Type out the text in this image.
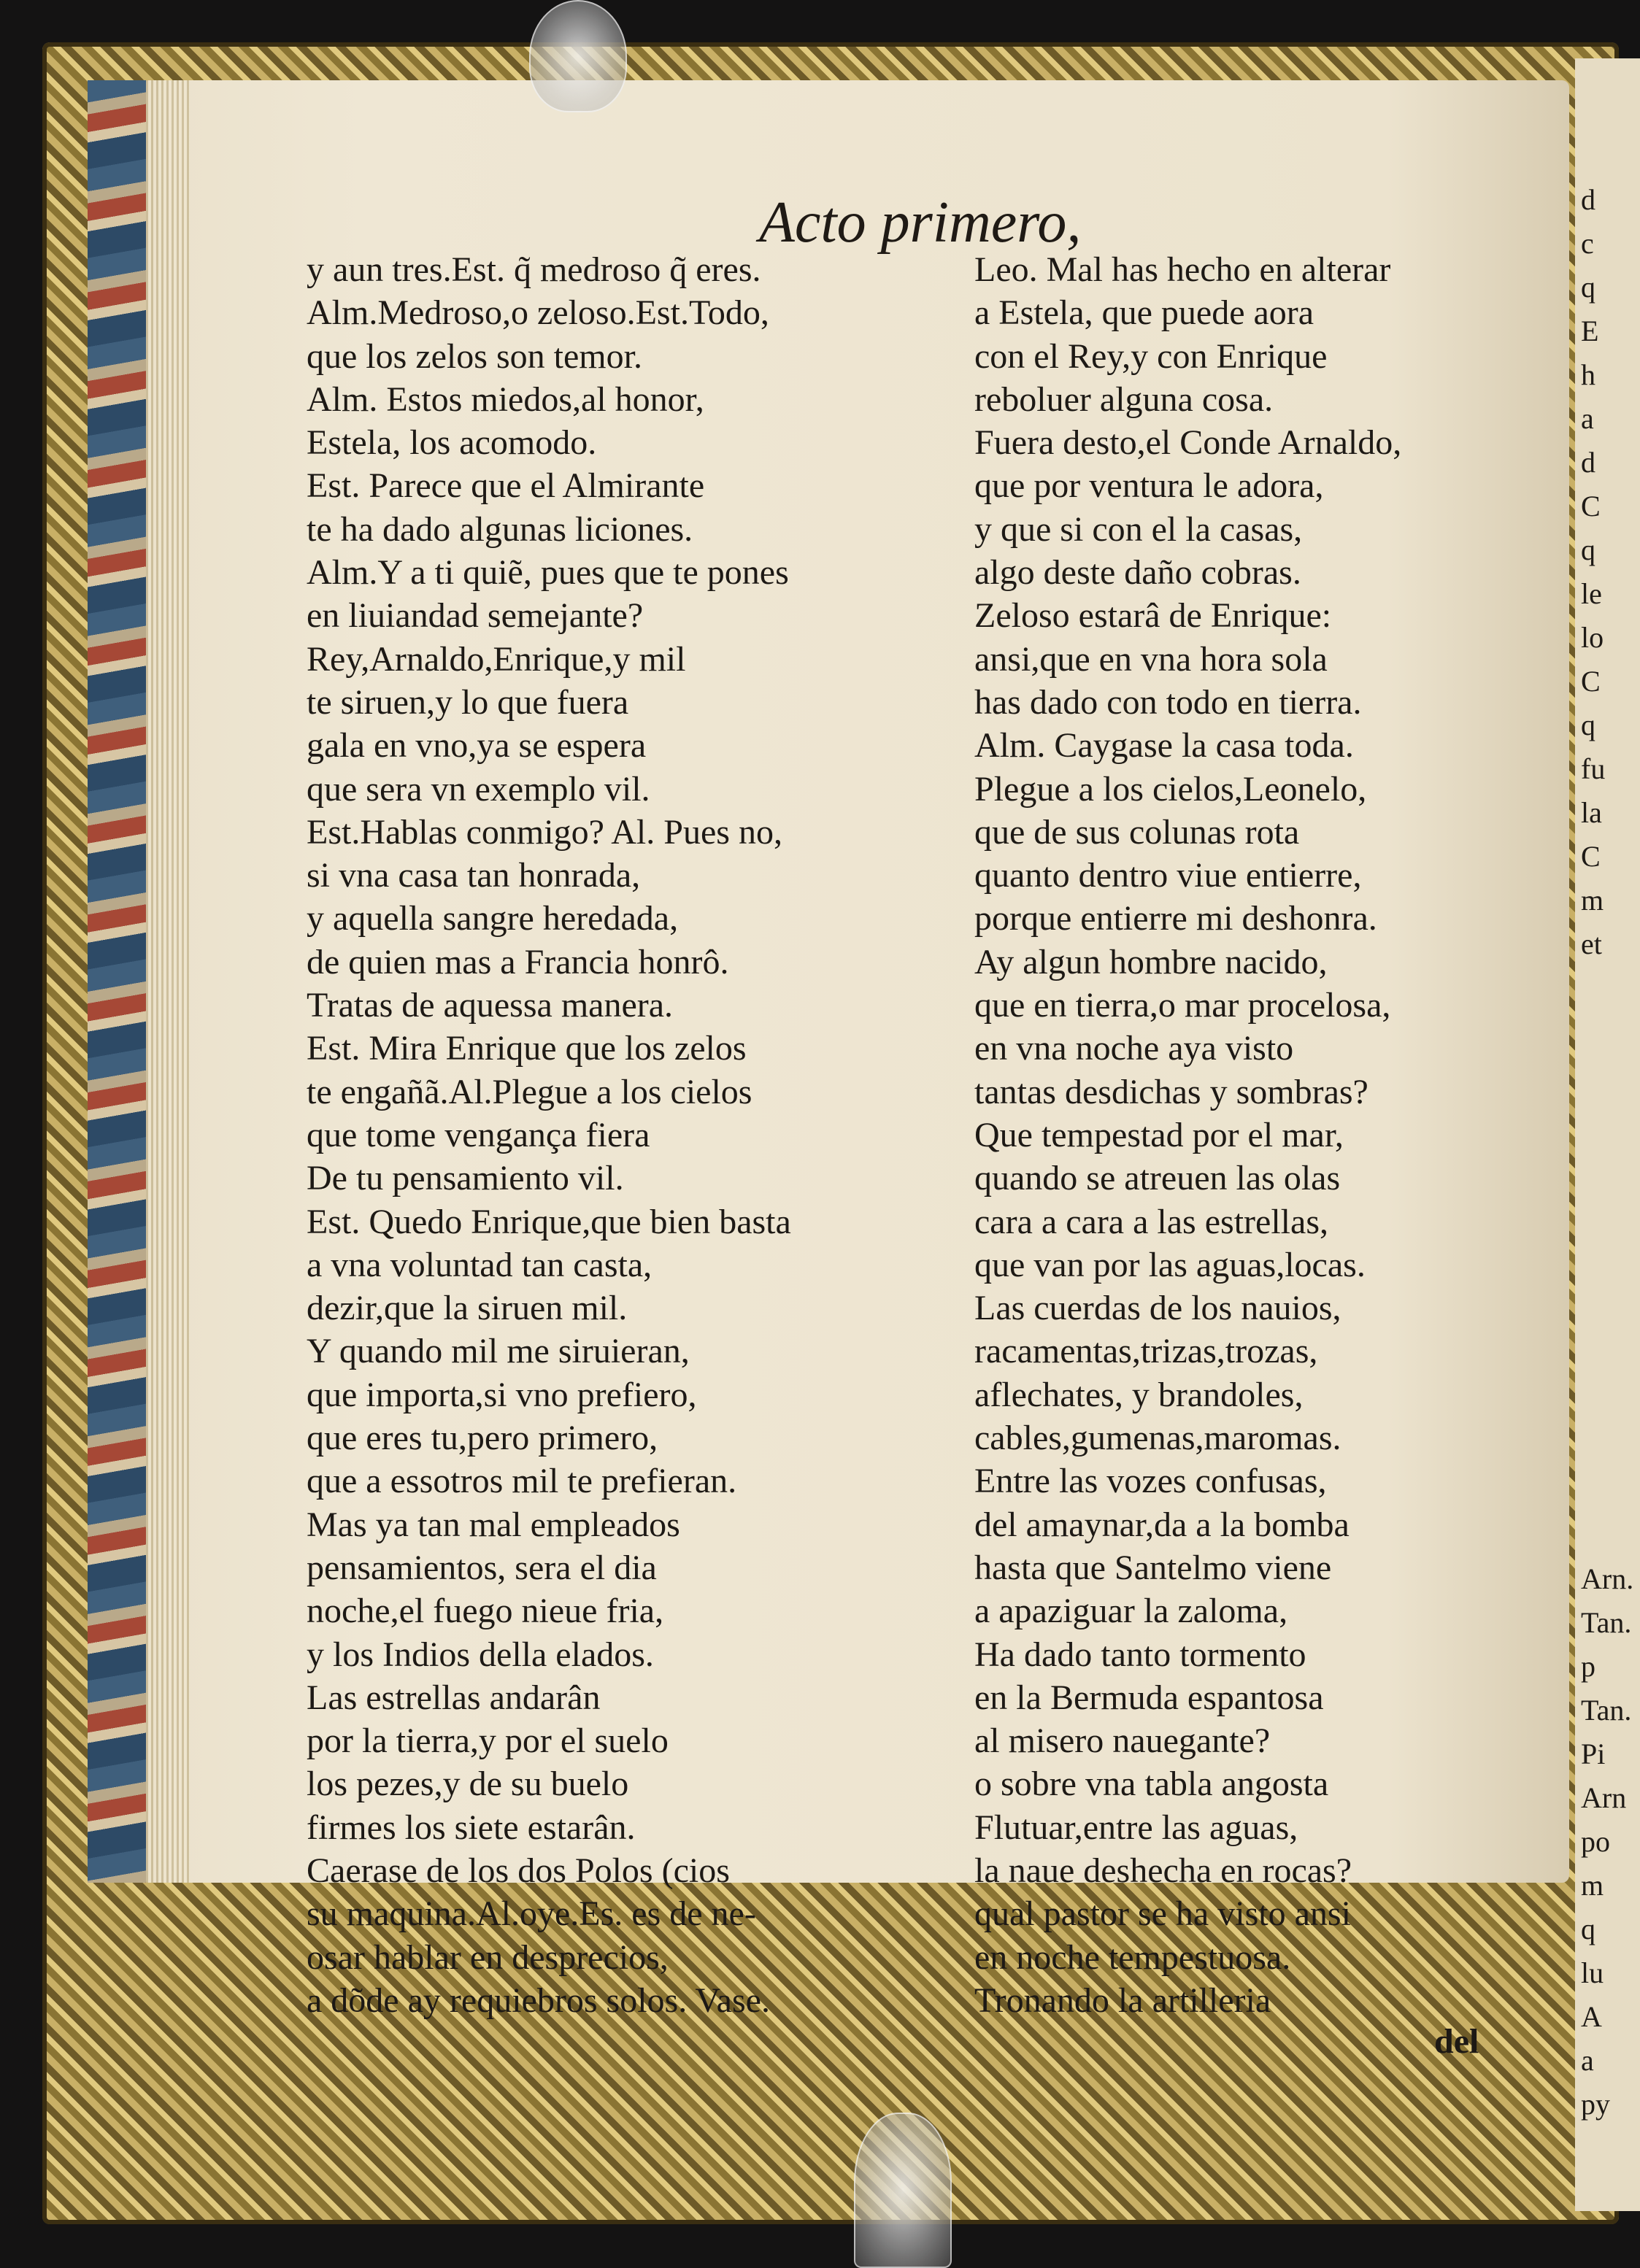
d
c
q
E
h
a
d
C
q
le
lo
C
q
fu
la
C
m
et
Arn.
Tan.
p
Tan.
Pi
Arn
po
m
q
lu
A
a
py
Acto primero,
y aun tres.Est. q̃ medroso q̃ eres.
Alm.Medroso,o zeloso.Est.Todo,
que los zelos son temor.
Alm. Estos miedos,al honor,
Estela, los acomodo.
Est. Parece que el Almirante
te ha dado algunas liciones.
Alm.Y a ti quiẽ, pues que te pones
en liuiandad semejante?
Rey,Arnaldo,Enrique,y mil
te siruen,y lo que fuera
gala en vno,ya se espera
que sera vn exemplo vil.
Est.Hablas conmigo? Al. Pues no,
si vna casa tan honrada,
y aquella sangre heredada,
de quien mas a Francia honrô.
Tratas de aquessa manera.
Est. Mira Enrique que los zelos
te engañã.Al.Plegue a los cielos
que tome vengança fiera
De tu pensamiento vil.
Est. Quedo Enrique,que bien basta
a vna voluntad tan casta,
dezir,que la siruen mil.
Y quando mil me siruieran,
que importa,si vno prefiero,
que eres tu,pero primero,
que a essotros mil te prefieran.
Mas ya tan mal empleados
pensamientos, sera el dia
noche,el fuego nieue fria,
y los Indios della elados.
Las estrellas andarân
por la tierra,y por el suelo
los pezes,y de su buelo
firmes los siete estarân.
Caerase de los dos Polos (cios
su maquina.Al.oye.Es. es de ne-
osar hablar en desprecios,
a dõde ay requiebros solos. Vase.
Leo. Mal has hecho en alterar
a Estela, que puede aora
con el Rey,y con Enrique
reboluer alguna cosa.
Fuera desto,el Conde Arnaldo,
que por ventura le adora,
y que si con el la casas,
algo deste daño cobras.
Zeloso estarâ de Enrique:
ansi,que en vna hora sola
has dado con todo en tierra.
Alm. Caygase la casa toda.
Plegue a los cielos,Leonelo,
que de sus colunas rota
quanto dentro viue entierre,
porque entierre mi deshonra.
Ay algun hombre nacido,
que en tierra,o mar procelosa,
en vna noche aya visto
tantas desdichas y sombras?
Que tempestad por el mar,
quando se atreuen las olas
cara a cara a las estrellas,
que van por las aguas,locas.
Las cuerdas de los nauios,
racamentas,trizas,trozas,
aflechates, y brandoles,
cables,gumenas,maromas.
Entre las vozes confusas,
del amaynar,da a la bomba
hasta que Santelmo viene
a apaziguar la zaloma,
Ha dado tanto tormento
en la Bermuda espantosa
al misero nauegante?
o sobre vna tabla angosta
Flutuar,entre las aguas,
la naue deshecha en rocas?
qual pastor se ha visto ansi
en noche tempestuosa.
Tronando la artilleria
del
